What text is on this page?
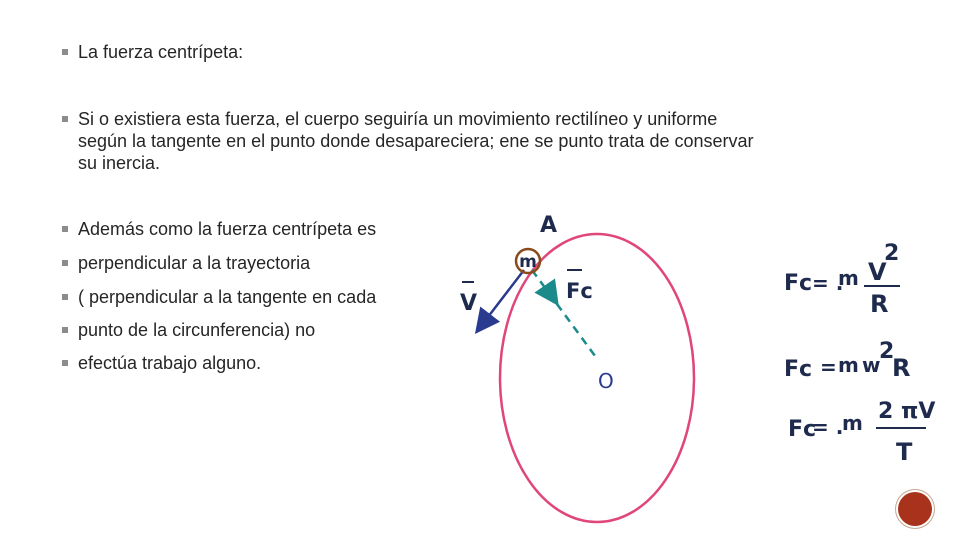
La fuerza centrípeta:
Si o existiera esta fuerza, el cuerpo seguiría un movimiento rectilíneo y uniforme
según la tangente en el punto donde desapareciera; ene se punto trata de conservar
su inercia.
Además como la fuerza centrípeta es
perpendicular a la trayectoria
( perpendicular a la tangente en cada
punto de la circunferencia) no
efectúa trabajo alguno.
m
A
V	Fc
O
Fc = .
m V
2
R
Fc = m w
2
R
Fc
= .
m 2 πV
T
